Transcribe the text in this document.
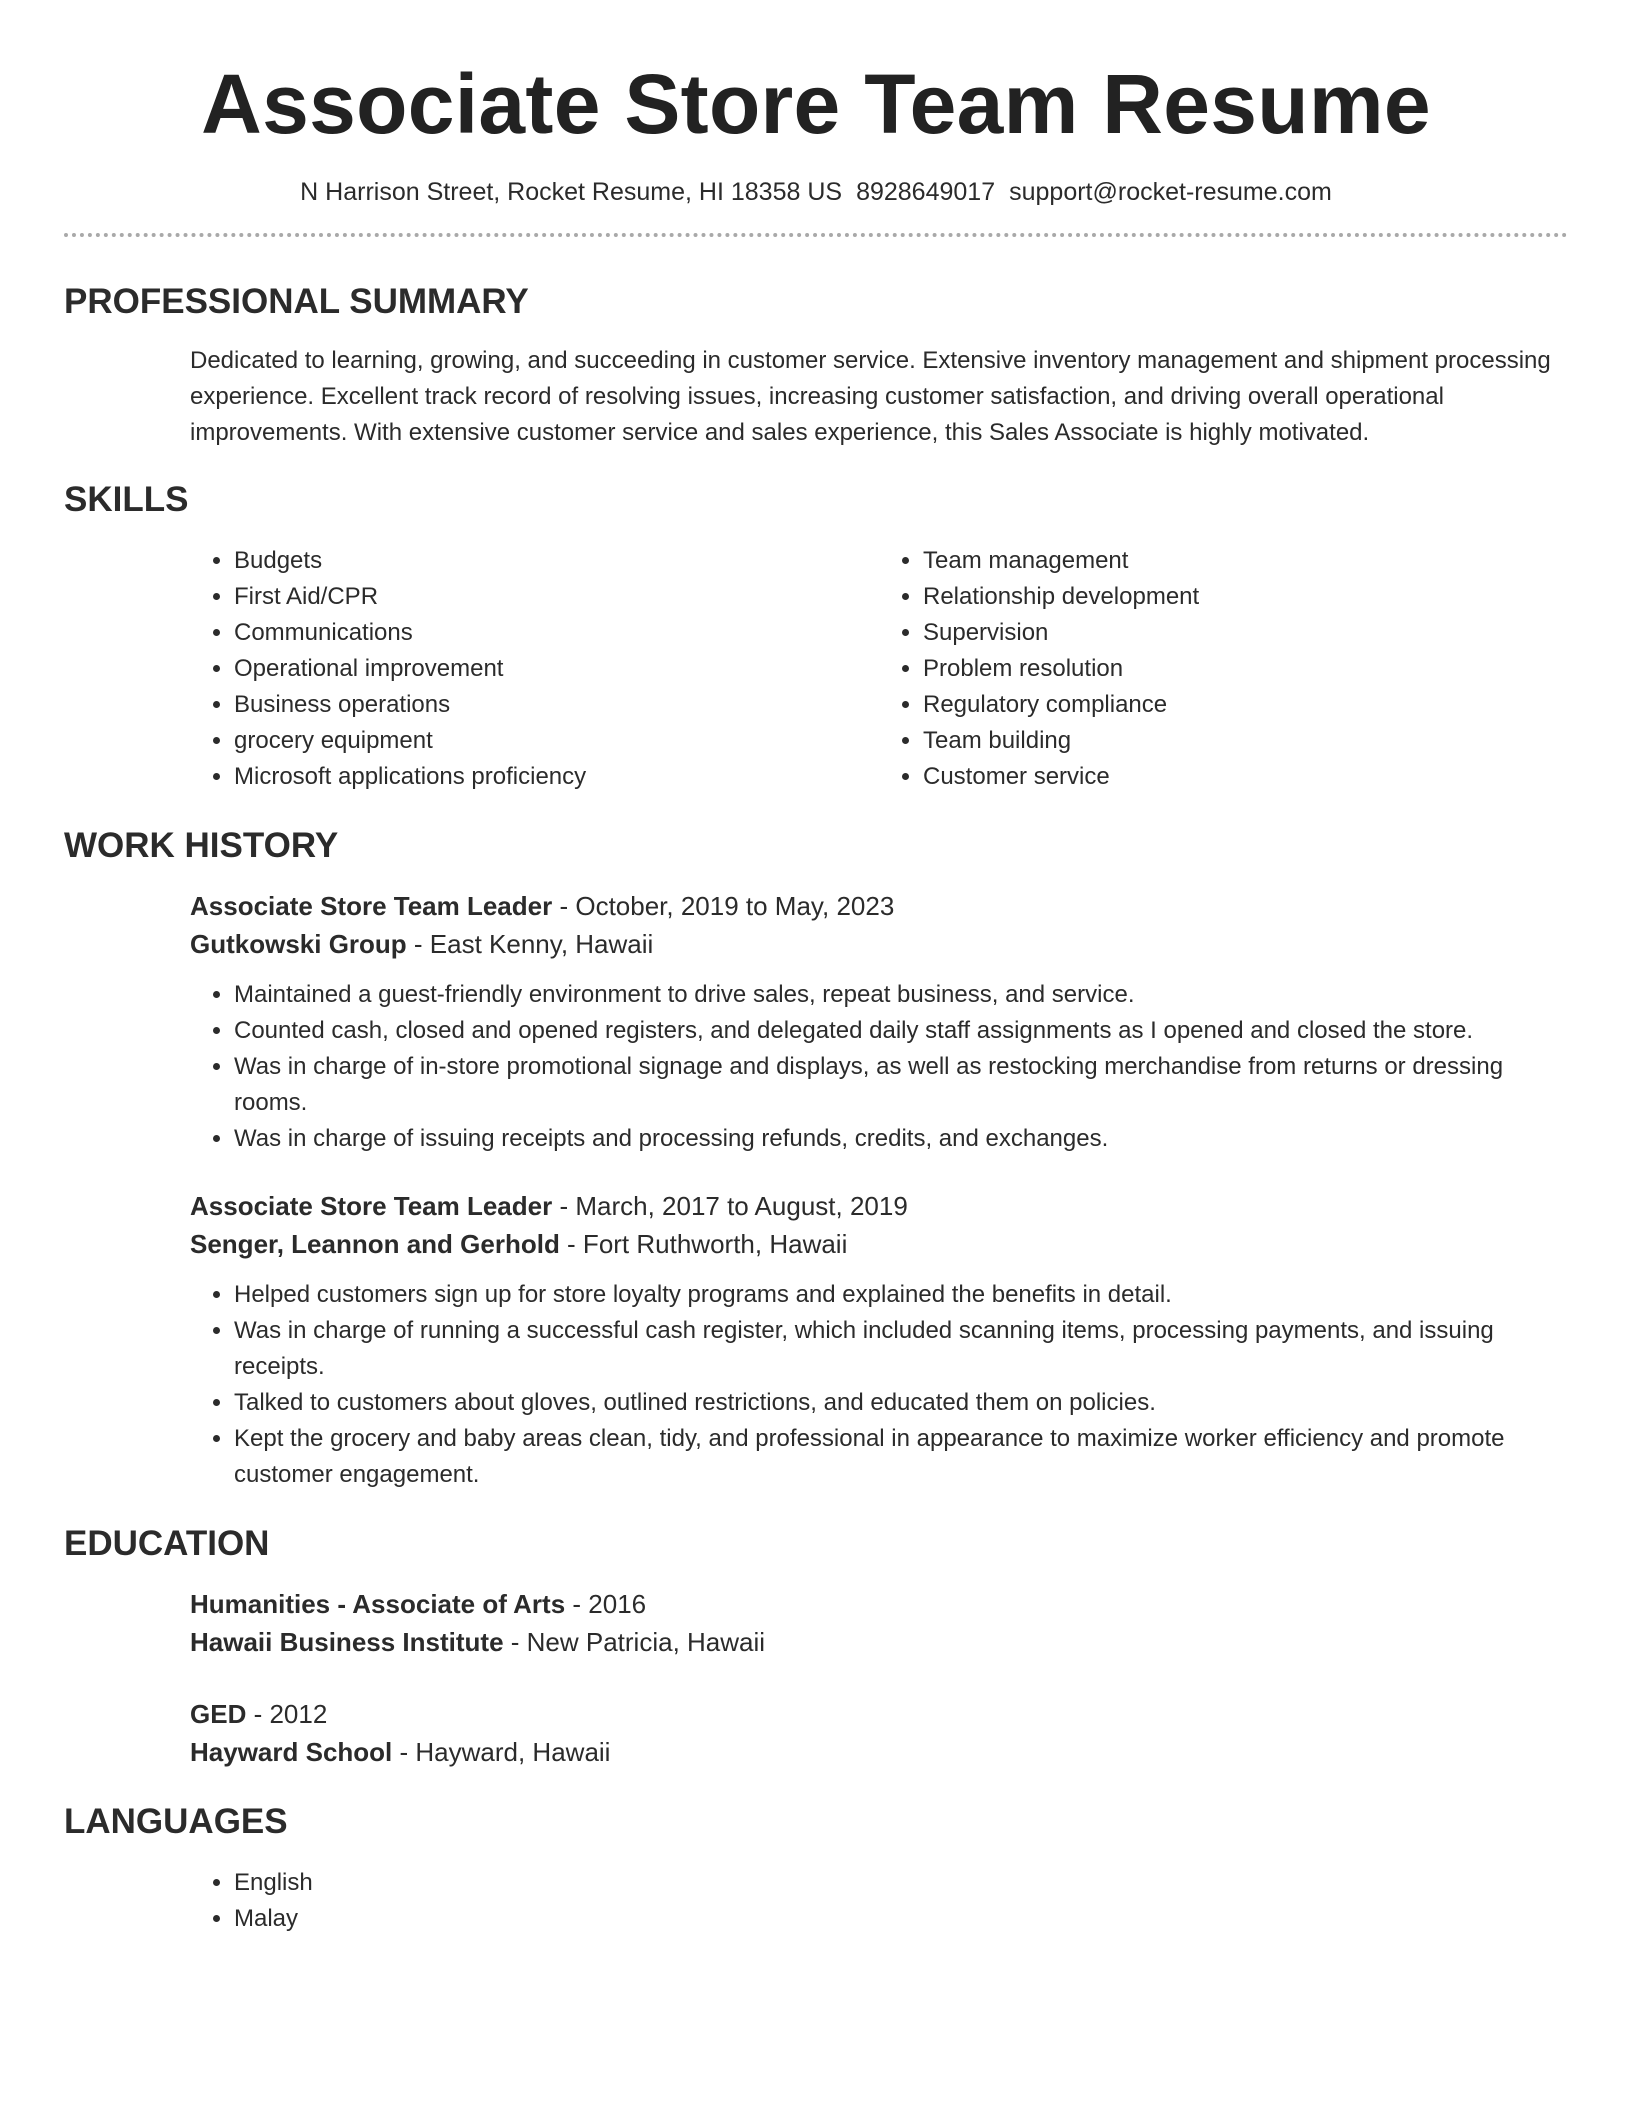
Associate Store Team Resume
N Harrison Street, Rocket Resume, HI 18358 US 8928649017 support@rocket-resume.com
PROFESSIONAL SUMMARY

Dedicated to learning, growing, and succeeding in customer service. Extensive inventory management and shipment processing experience. Excellent track record of resolving issues, increasing customer satisfaction, and driving overall operational improvements. With extensive customer service and sales experience, this Sales Associate is highly motivated.

SKILLS
• Budgets
• First Aid/CPR
• Communications
• Operational improvement
• Business operations
• grocery equipment
• Microsoft applications proficiency
• Team management
• Relationship development
• Supervision
• Problem resolution
• Regulatory compliance
• Team building
• Customer service
WORK HISTORY
Associate Store Team Leader - October, 2019 to May, 2023
Gutkowski Group - East Kenny, Hawaii
• Maintained a guest-friendly environment to drive sales, repeat business, and service.
• Counted cash, closed and opened registers, and delegated daily staff assignments as I opened and closed the store.
• Was in charge of in-store promotional signage and displays, as well as restocking merchandise from returns or dressing rooms.
• Was in charge of issuing receipts and processing refunds, credits, and exchanges.
Associate Store Team Leader - March, 2017 to August, 2019
Senger, Leannon and Gerhold - Fort Ruthworth, Hawaii
• Helped customers sign up for store loyalty programs and explained the benefits in detail.
• Was in charge of running a successful cash register, which included scanning items, processing payments, and issuing receipts.
• Talked to customers about gloves, outlined restrictions, and educated them on policies.
• Kept the grocery and baby areas clean, tidy, and professional in appearance to maximize worker efficiency and promote customer engagement.
EDUCATION
Humanities - Associate of Arts - 2016
Hawaii Business Institute - New Patricia, Hawaii
GED - 2012
Hayward School - Hayward, Hawaii
LANGUAGES
• English
• Malay
